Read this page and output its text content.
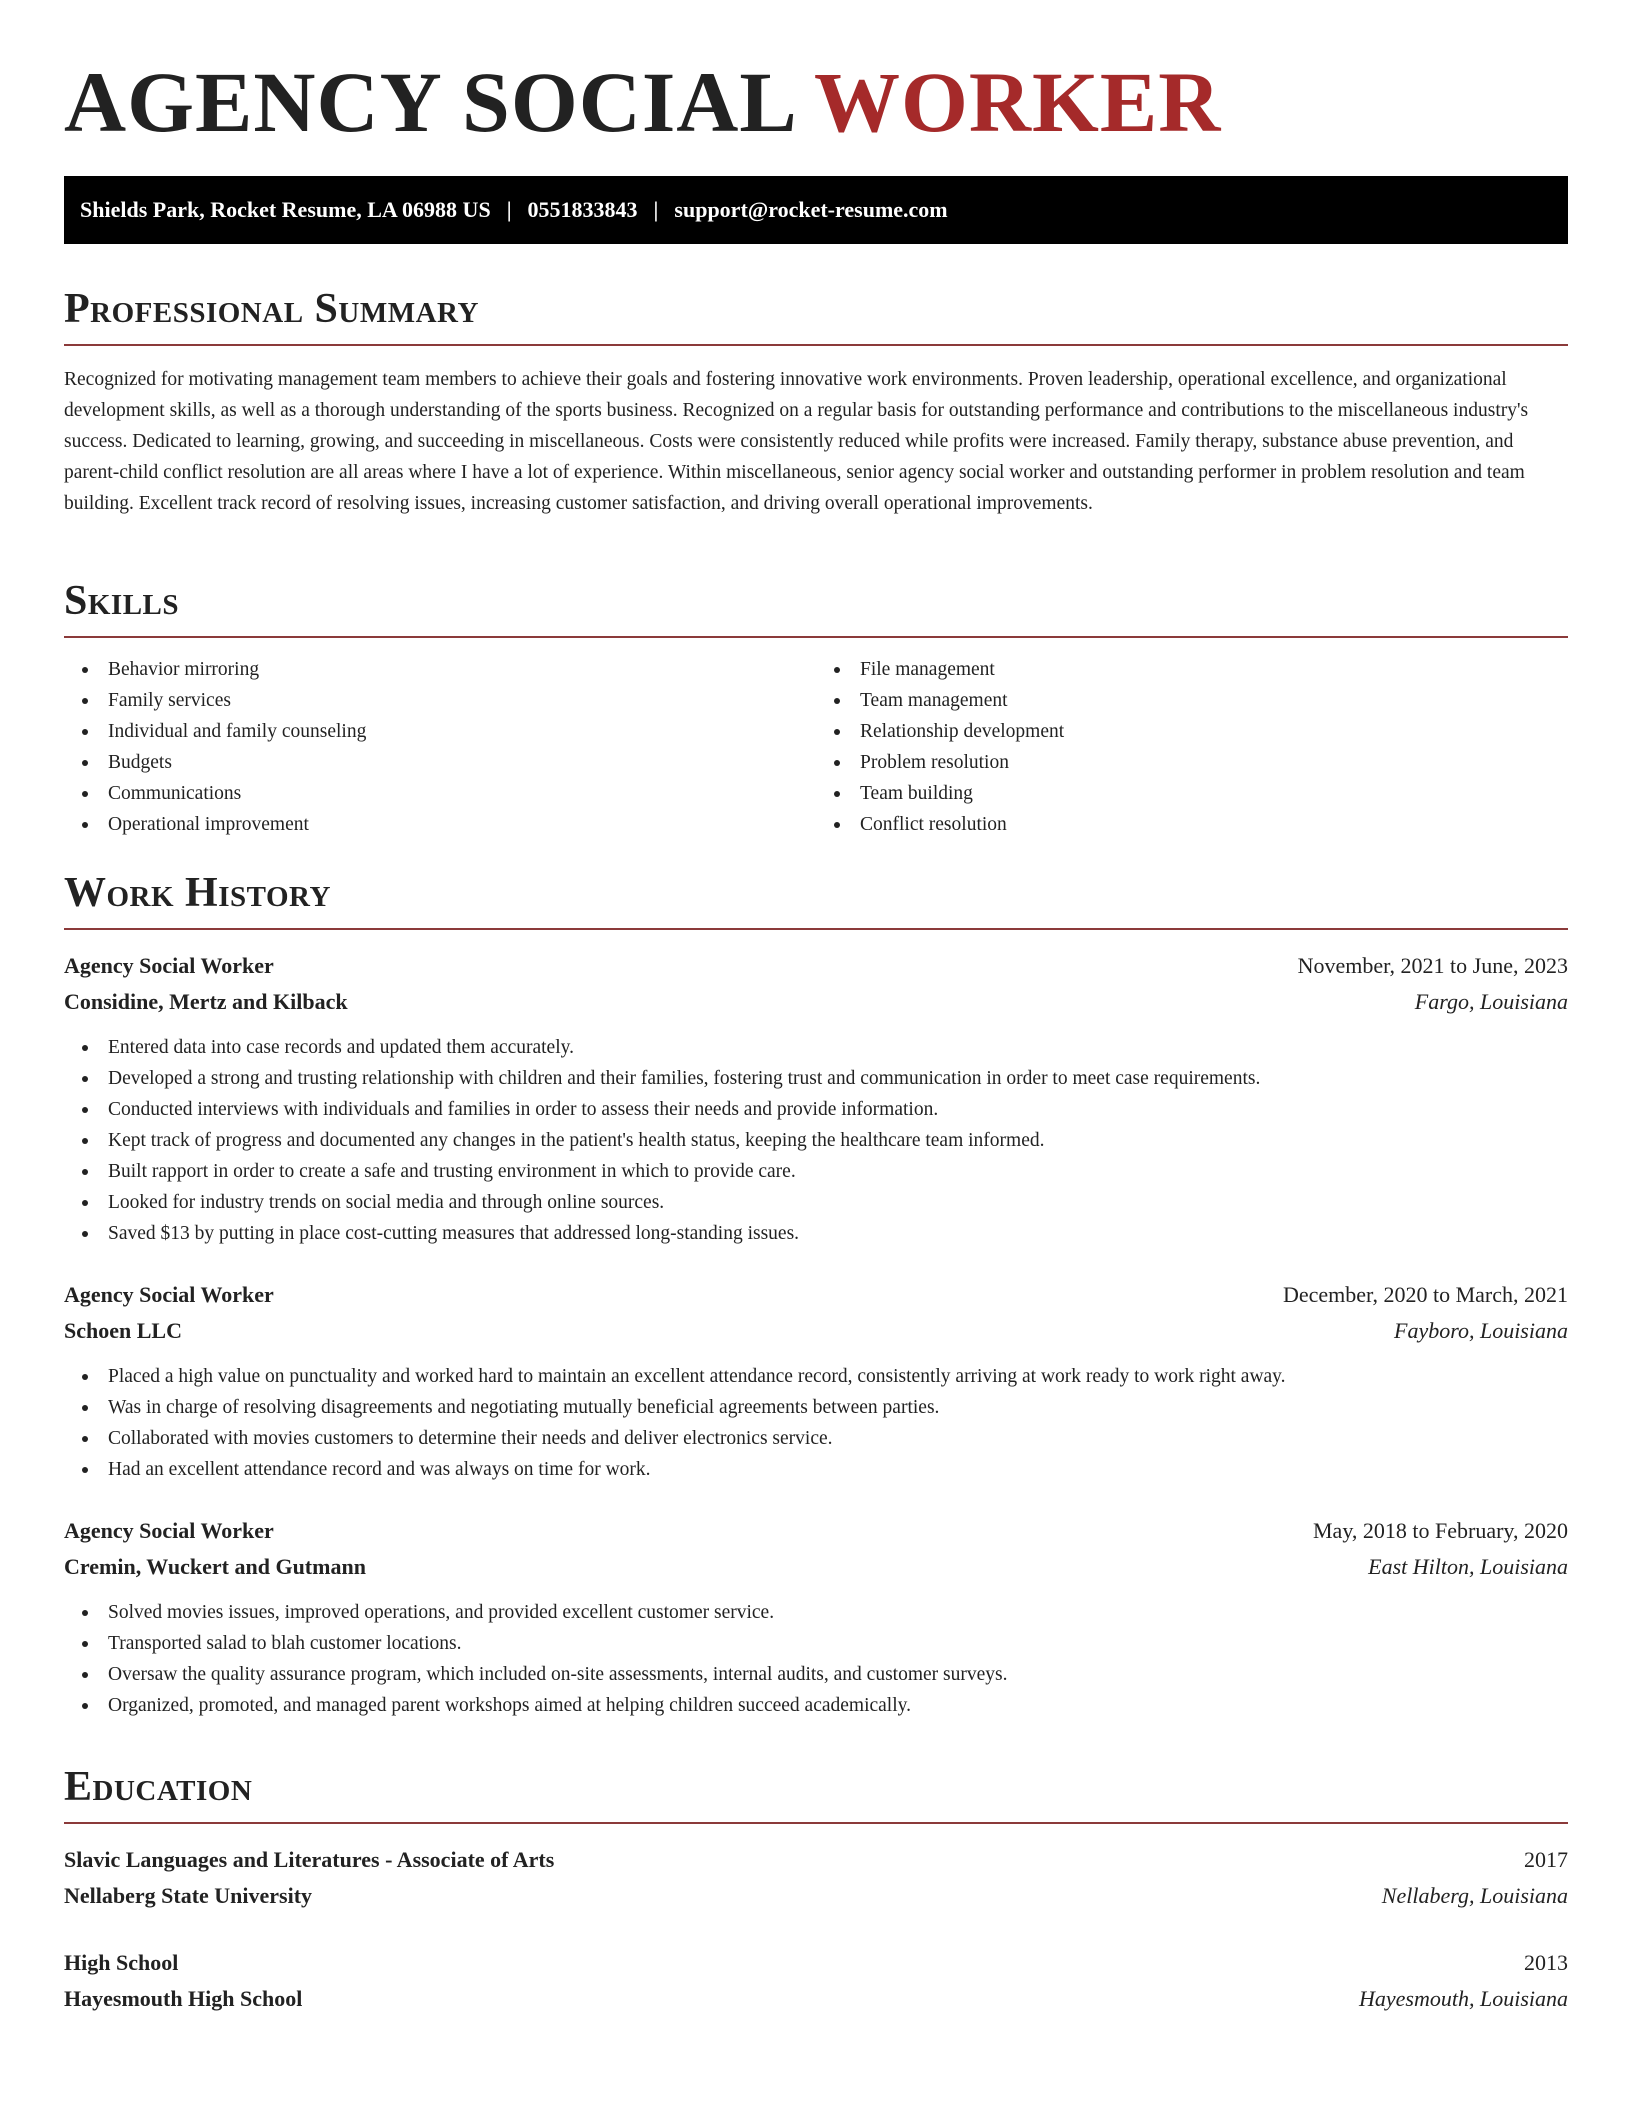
AGENCY SOCIAL WORKER
Shields Park, Rocket Resume, LA 06988 US | 0551833843 | support@rocket-resume.com
Professional Summary

Recognized for motivating management team members to achieve their goals and fostering innovative work environments. Proven leadership, operational excellence, and organizational development skills, as well as a thorough understanding of the sports business. Recognized on a regular basis for outstanding performance and contributions to the miscellaneous industry's success. Dedicated to learning, growing, and succeeding in miscellaneous. Costs were consistently reduced while profits were increased. Family therapy, substance abuse prevention, and parent-child conflict resolution are all areas where I have a lot of experience. Within miscellaneous, senior agency social worker and outstanding performer in problem resolution and team building. Excellent track record of resolving issues, increasing customer satisfaction, and driving overall operational improvements.

Skills
Behavior mirroring
Family services
Individual and family counseling
Budgets
Communications
Operational improvement
File management
Team management
Relationship development
Problem resolution
Team building
Conflict resolution
Work History
Agency Social Worker	November, 2021 to June, 2023
Considine, Mertz and Kilback	Fargo, Louisiana
Entered data into case records and updated them accurately.
Developed a strong and trusting relationship with children and their families, fostering trust and communication in order to meet case requirements.
Conducted interviews with individuals and families in order to assess their needs and provide information.
Kept track of progress and documented any changes in the patient's health status, keeping the healthcare team informed.
Built rapport in order to create a safe and trusting environment in which to provide care.
Looked for industry trends on social media and through online sources.
Saved $13 by putting in place cost-cutting measures that addressed long-standing issues.
Agency Social Worker	December, 2020 to March, 2021
Schoen LLC	Fayboro, Louisiana
Placed a high value on punctuality and worked hard to maintain an excellent attendance record, consistently arriving at work ready to work right away.
Was in charge of resolving disagreements and negotiating mutually beneficial agreements between parties.
Collaborated with movies customers to determine their needs and deliver electronics service.
Had an excellent attendance record and was always on time for work.
Agency Social Worker	May, 2018 to February, 2020
Cremin, Wuckert and Gutmann	East Hilton, Louisiana
Solved movies issues, improved operations, and provided excellent customer service.
Transported salad to blah customer locations.
Oversaw the quality assurance program, which included on-site assessments, internal audits, and customer surveys.
Organized, promoted, and managed parent workshops aimed at helping children succeed academically.
Education
Slavic Languages and Literatures - Associate of Arts	2017
Nellaberg State University	Nellaberg, Louisiana
High School	2013
Hayesmouth High School	Hayesmouth, Louisiana
